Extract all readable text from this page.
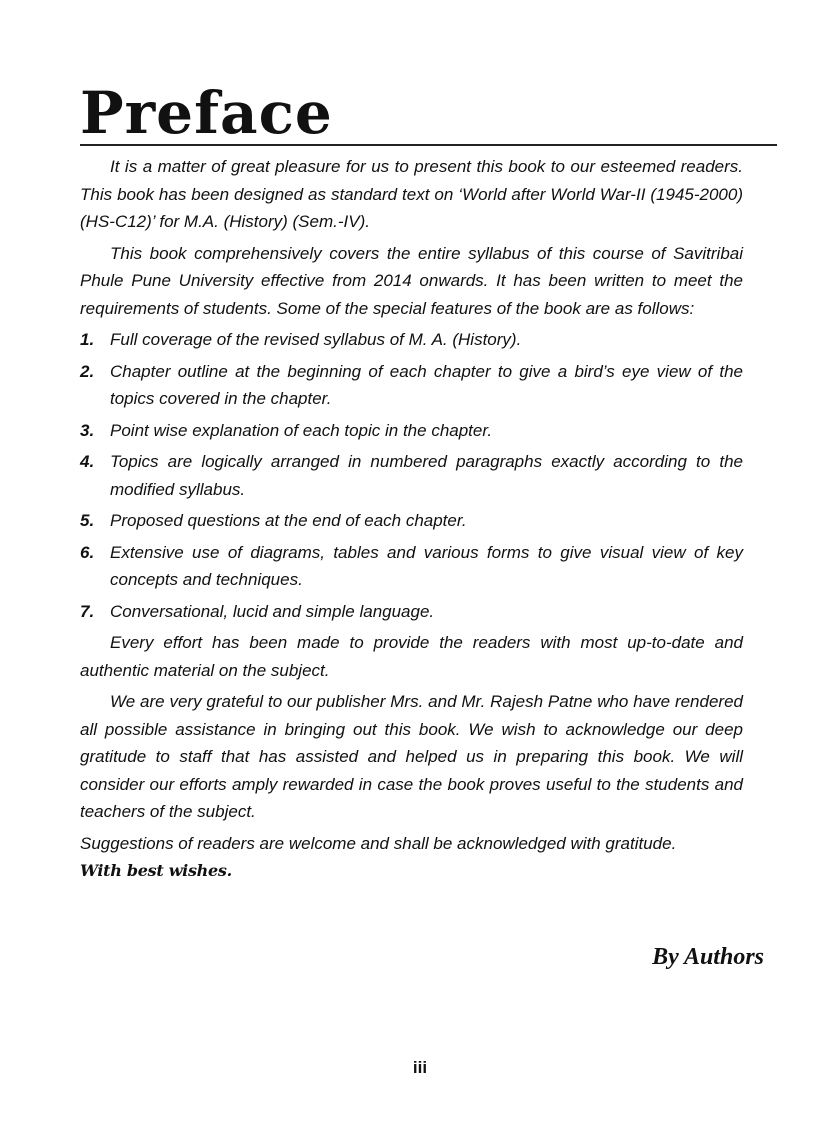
Preface

It is a matter of great pleasure for us to present this book to our esteemed readers. This book has been designed as standard text on ‘World after World War-II (1945-2000) (HS-C12)’ for M.A. (History) (Sem.-IV).

This book comprehensively covers the entire syllabus of this course of Savitribai Phule Pune University effective from 2014 onwards. It has been written to meet the requirements of students. Some of the special features of the book are as follows:

1. Full coverage of the revised syllabus of M. A. (History).
2. Chapter outline at the beginning of each chapter to give a bird’s eye view of the topics covered in the chapter.
3. Point wise explanation of each topic in the chapter.
4. Topics are logically arranged in numbered paragraphs exactly according to the modified syllabus.
5. Proposed questions at the end of each chapter.
6. Extensive use of diagrams, tables and various forms to give visual view of key concepts and techniques.
7. Conversational, lucid and simple language.

Every effort has been made to provide the readers with most up-to-date and authentic material on the subject.

We are very grateful to our publisher Mrs. and Mr. Rajesh Patne who have rendered all possible assistance in bringing out this book. We wish to acknowledge our deep gratitude to staff that has assisted and helped us in preparing this book. We will consider our efforts amply rewarded in case the book proves useful to the students and teachers of the subject.

Suggestions of readers are welcome and shall be acknowledged with gratitude.

With best wishes.

By Authors

iii
